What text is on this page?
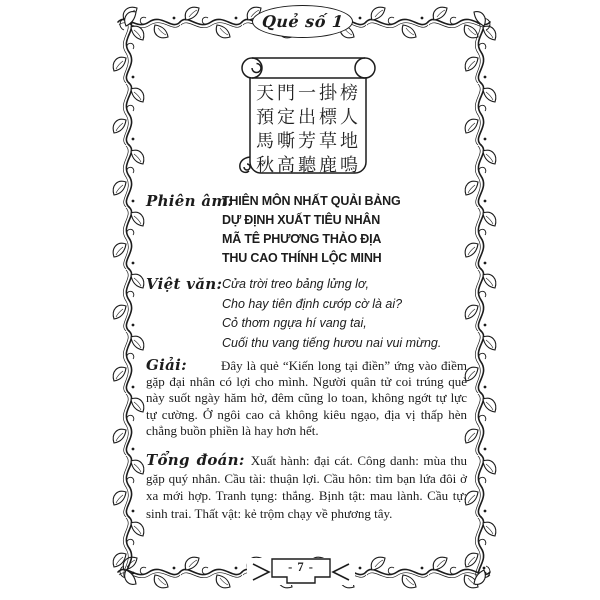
Quẻ số 1
天門一掛榜
預定出標人
馬嘶芳草地
秋高聽鹿鳴
Phiên âm:
THIÊN MÔN NHẤT QUẢI BẢNG
DỰ ĐỊNH XUẤT TIÊU NHÂN
MÃ TÊ PHƯƠNG THẢO ĐỊA
THU CAO THÍNH LỘC MINH
Việt văn: Cửa trời treo bảng lửng lơ,
Cho hay tiên định cướp cờ là ai?
Cỏ thơm ngựa hí vang tai,
Cuối thu vang tiếng hươu nai vui mừng.

Giải:	Đây là quẻ “Kiến long tại điền” ứng vào điềm gặp đại nhân có lợi cho mình. Người quân tử coi trúng quẻ này suốt ngày hăm hở, đêm cũng lo toan, không ngớt tự lực tự cường. Ở ngôi cao cả không kiêu ngạo, địa vị thấp hèn chẳng buồn phiền là hay hơn hết.

Tổng đoán: Xuất hành: đại cát. Công danh: mùa thu gặp quý nhân. Cầu tài: thuận lợi. Cầu hôn: tìm bạn lứa đôi ở xa mới hợp. Tranh tụng: thắng. Bịnh tật: mau lành. Cầu tự: sinh trai. Thất vật: kẻ trộm chạy về phương tây.

- 7 -
